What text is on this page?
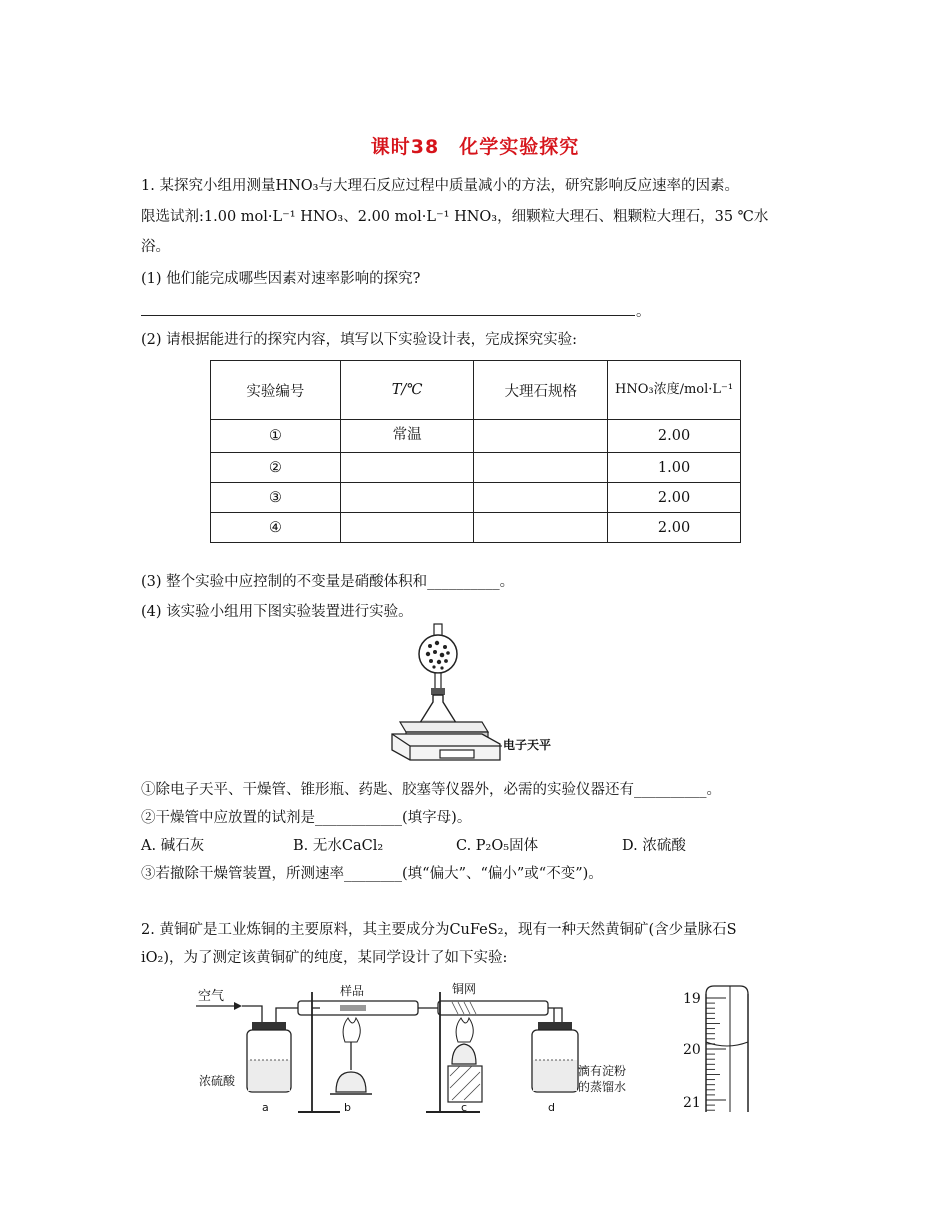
课时38　化学实验探究
1. 某探究小组用测量HNO₃与大理石反应过程中质量减小的方法，研究影响反应速率的因素。
限选试剂:1.00 mol·L⁻¹ HNO₃、2.00 mol·L⁻¹ HNO₃，细颗粒大理石、粗颗粒大理石，35 ℃水
浴。
(1) 他们能完成哪些因素对速率影响的探究?
。
(2) 请根据能进行的探究内容，填写以下实验设计表，完成探究实验:
实验编号	T/℃	大理石规格	HNO₃浓度/mol·L⁻¹
①	常温		2.00
②			1.00
③			2.00
④			2.00
(3) 整个实验中应控制的不变量是硝酸体积和__________。
(4) 该实验小组用下图实验装置进行实验。
电子天平
①除电子天平、干燥管、锥形瓶、药匙、胶塞等仪器外，必需的实验仪器还有__________。
②干燥管中应放置的试剂是____________(填字母)。
A. 碱石灰	B. 无水CaCl₂	C. P₂O₅固体	D. 浓硫酸
③若撤除干燥管装置，所测速率________(填“偏大”、“偏小”或“不变”)。
2. 黄铜矿是工业炼铜的主要原料，其主要成分为CuFeS₂，现有一种天然黄铜矿(含少量脉石S
iO₂)，为了测定该黄铜矿的纯度，某同学设计了如下实验:
空气	样品	铜网
浓硫酸
滴有淀粉
的蒸馏水
a	b	c	d
19
20
21
